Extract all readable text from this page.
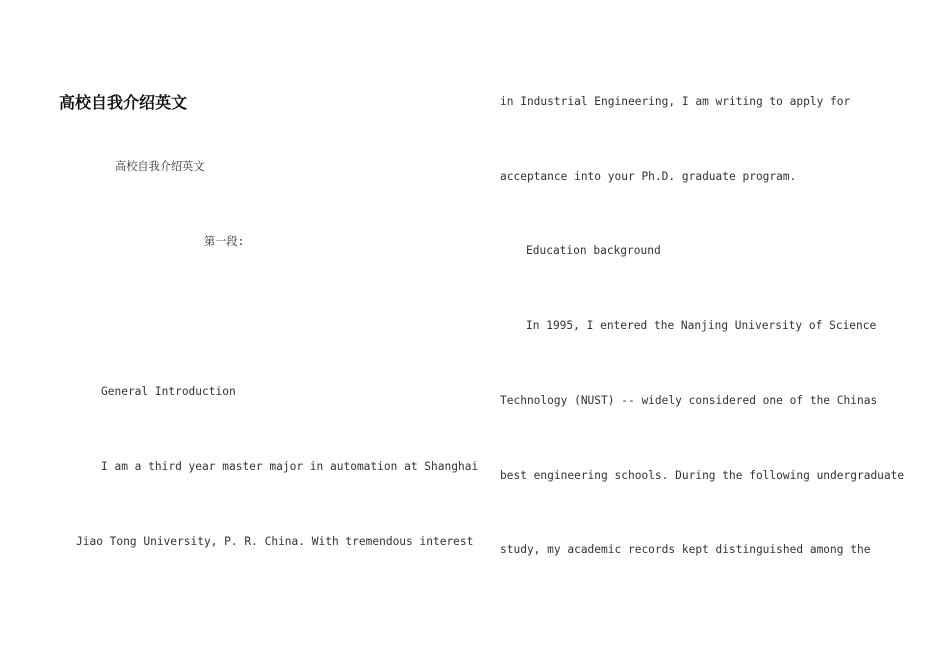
高校自我介绍英文
高校自我介绍英文
第一段:
General Introduction
I am a third year master major in automation at Shanghai
Jiao Tong University, P. R. China. With tremendous interest
in Industrial Engineering, I am writing to apply for
acceptance into your Ph.D. graduate program.
Education background
In 1995, I entered the Nanjing University of Science
Technology (NUST) -- widely considered one of the Chinas
best engineering schools. During the following undergraduate
study, my academic records kept distinguished among the
